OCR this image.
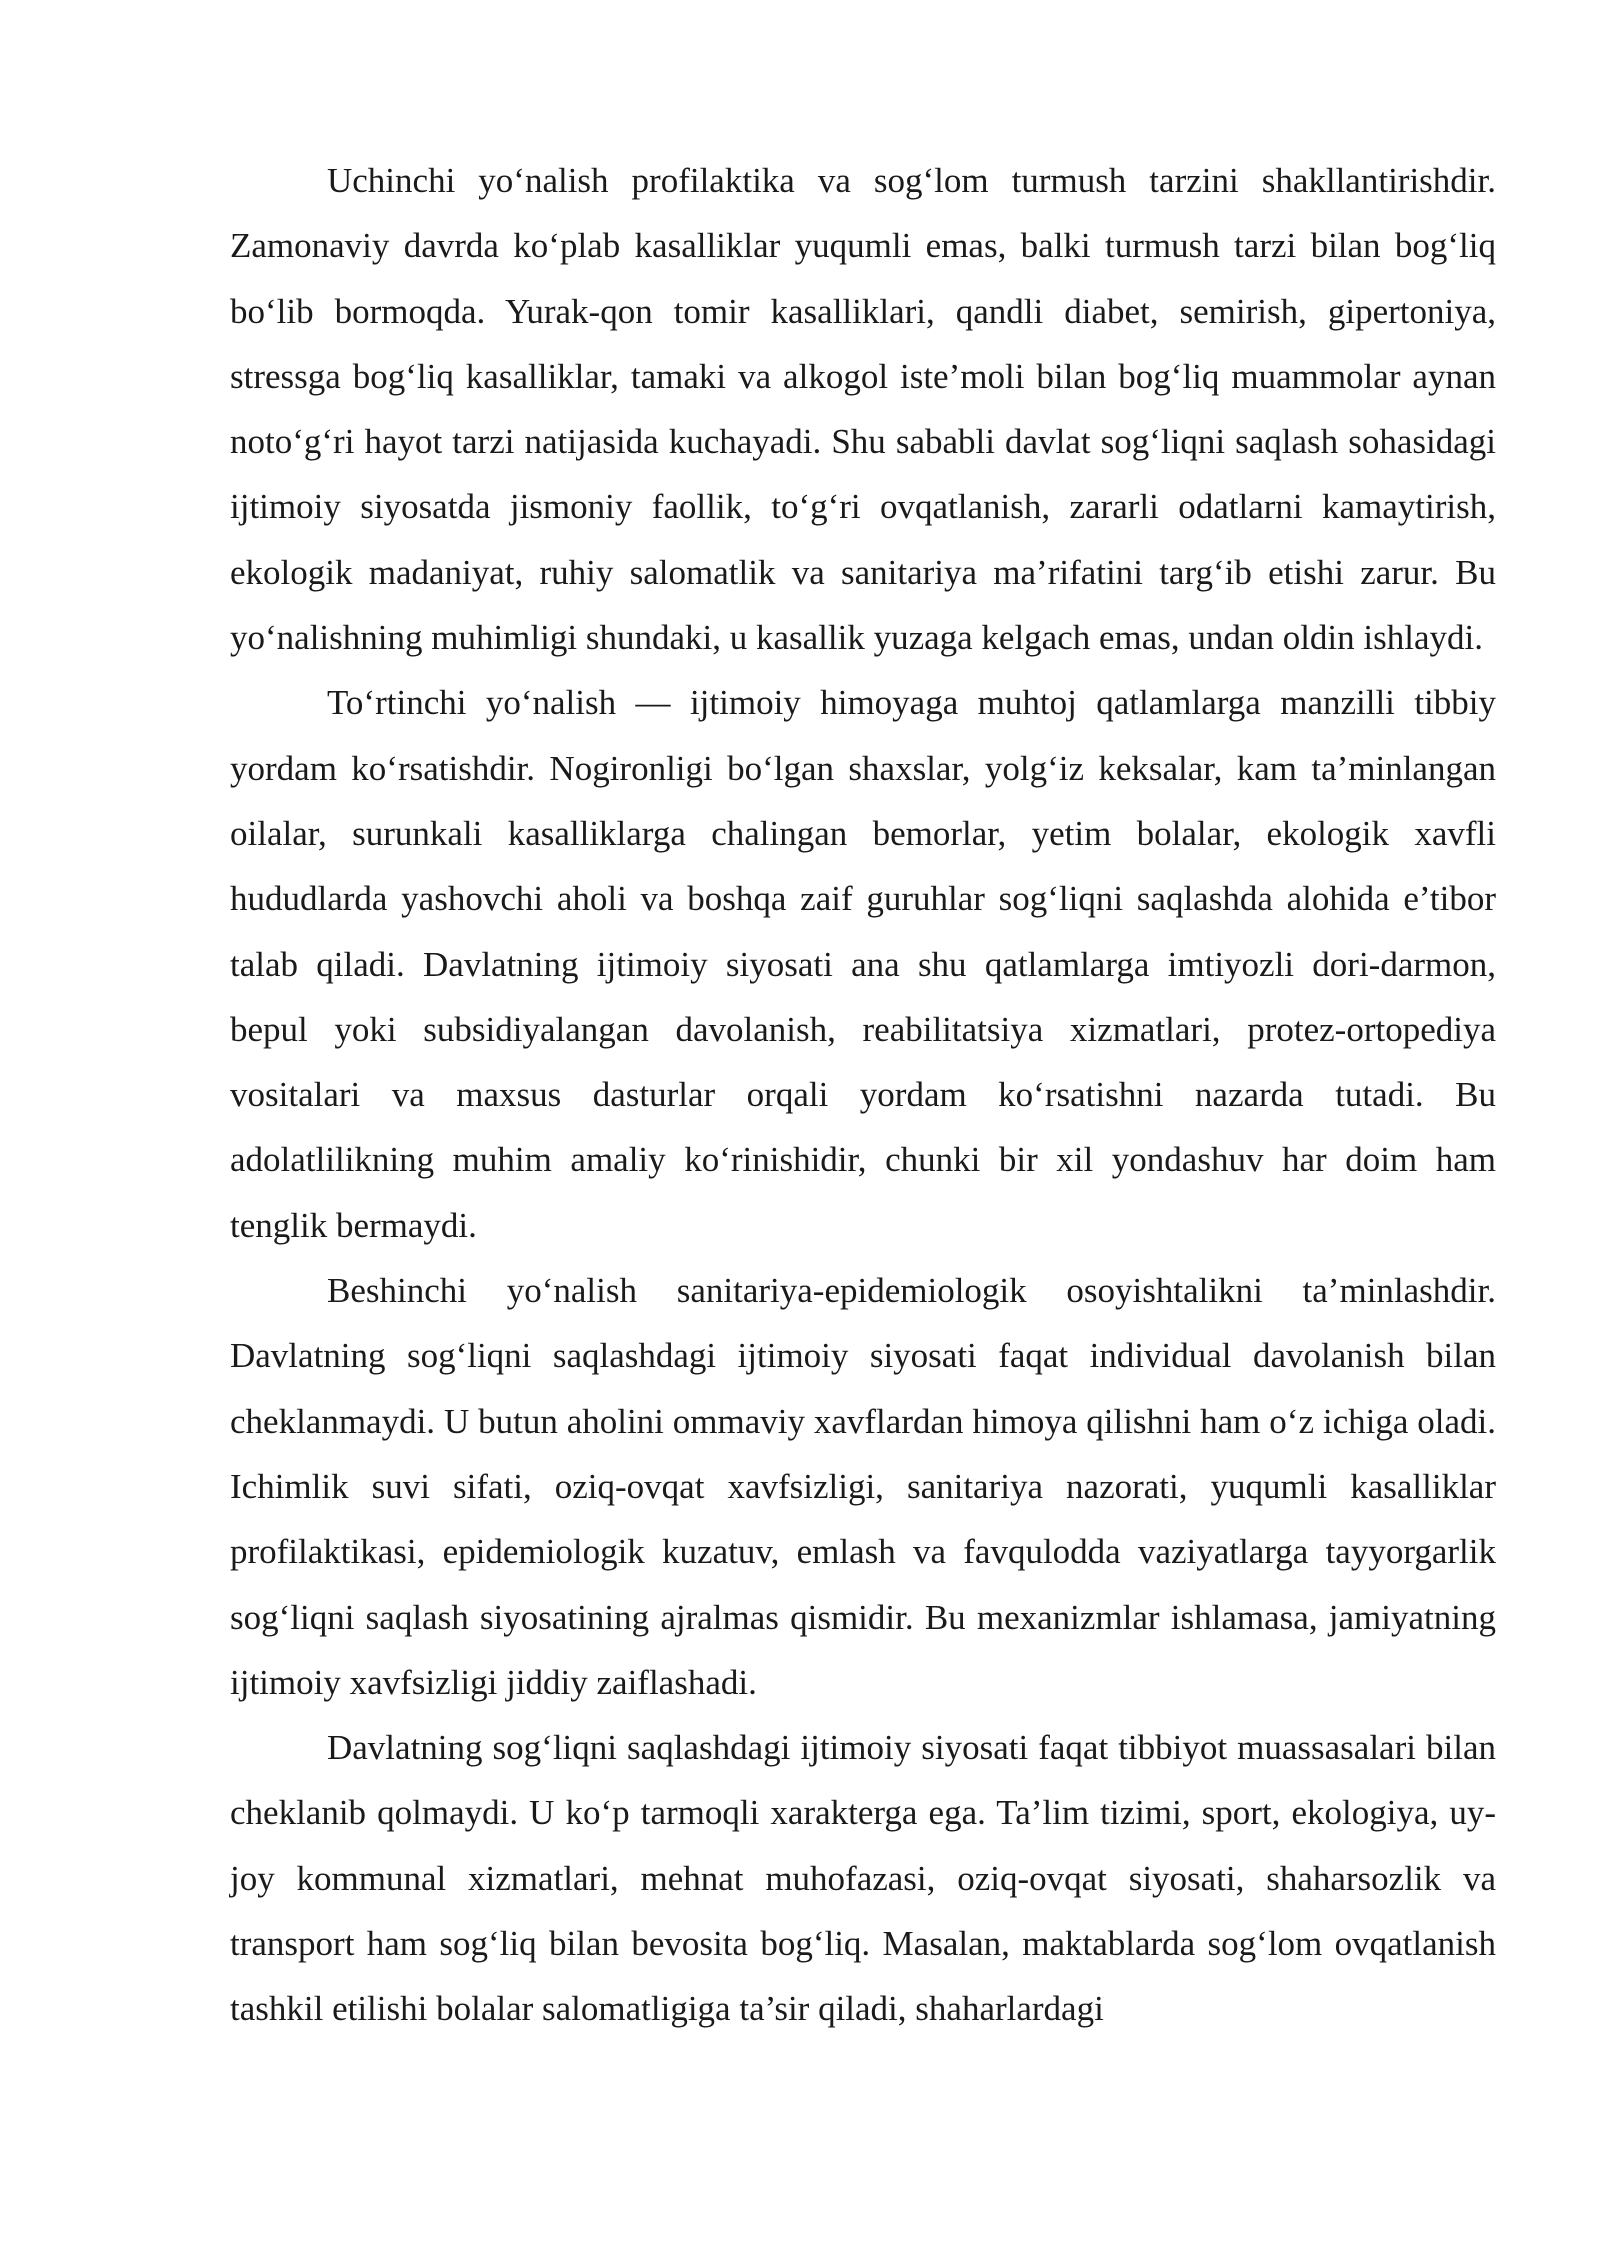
Uchinchi yo‘nalish profilaktika va sog‘lom turmush tarzini shakllantirishdir. Zamonaviy davrda ko‘plab kasalliklar yuqumli emas, balki turmush tarzi bilan bog‘liq bo‘lib bormoqda. Yurak-qon tomir kasalliklari, qandli diabet, semirish, gipertoniya, stressga bog‘liq kasalliklar, tamaki va alkogol iste’moli bilan bog‘liq muammolar aynan noto‘g‘ri hayot tarzi natijasida kuchayadi. Shu sababli davlat sog‘liqni saqlash sohasidagi ijtimoiy siyosatda jismoniy faollik, to‘g‘ri ovqatlanish, zararli odatlarni kamaytirish, ekologik madaniyat, ruhiy salomatlik va sanitariya ma’rifatini targ‘ib etishi zarur. Bu yo‘nalishning muhimligi shundaki, u kasallik yuzaga kelgach emas, undan oldin ishlaydi.

To‘rtinchi yo‘nalish — ijtimoiy himoyaga muhtoj qatlamlarga manzilli tibbiy yordam ko‘rsatishdir. Nogironligi bo‘lgan shaxslar, yolg‘iz keksalar, kam ta’minlangan oilalar, surunkali kasalliklarga chalingan bemorlar, yetim bolalar, ekologik xavfli hududlarda yashovchi aholi va boshqa zaif guruhlar sog‘liqni saqlashda alohida e’tibor talab qiladi. Davlatning ijtimoiy siyosati ana shu qatlamlarga imtiyozli dori-darmon, bepul yoki subsidiyalangan davolanish, reabilitatsiya xizmatlari, protez-ortopediya vositalari va maxsus dasturlar orqali yordam ko‘rsatishni nazarda tutadi. Bu adolatlilikning muhim amaliy ko‘rinishidir, chunki bir xil yondashuv har doim ham tenglik bermaydi.

Beshinchi yo‘nalish sanitariya-epidemiologik osoyishtalikni ta’minlashdir. Davlatning sog‘liqni saqlashdagi ijtimoiy siyosati faqat individual davolanish bilan cheklanmaydi. U butun aholini ommaviy xavflardan himoya qilishni ham o‘z ichiga oladi. Ichimlik suvi sifati, oziq-ovqat xavfsizligi, sanitariya nazorati, yuqumli kasalliklar profilaktikasi, epidemiologik kuzatuv, emlash va favqulodda vaziyatlarga tayyorgarlik sog‘liqni saqlash siyosatining ajralmas qismidir. Bu mexanizmlar ishlamasa, jamiyatning ijtimoiy xavfsizligi jiddiy zaiflashadi.

Davlatning sog‘liqni saqlashdagi ijtimoiy siyosati faqat tibbiyot muassasalari bilan cheklanib qolmaydi. U ko‘p tarmoqli xarakterga ega. Ta’lim tizimi, sport, ekologiya, uy-joy kommunal xizmatlari, mehnat muhofazasi, oziq-ovqat siyosati, shaharsozlik va transport ham sog‘liq bilan bevosita bog‘liq. Masalan, maktablarda sog‘lom ovqatlanish tashkil etilishi bolalar salomatligiga ta’sir qiladi, shaharlardagi
